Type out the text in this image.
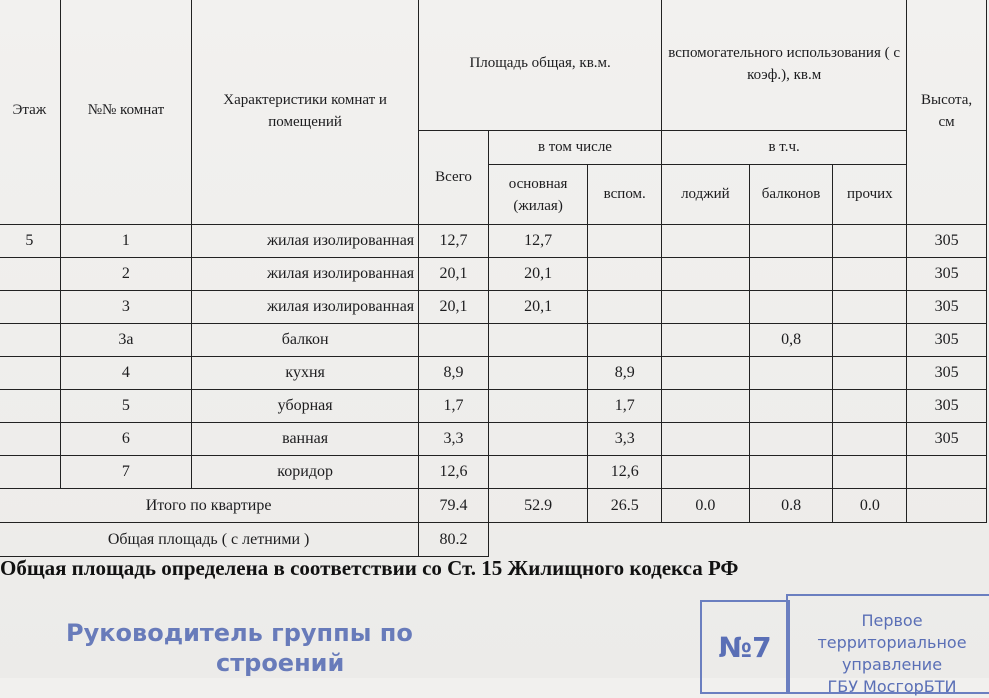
Этаж	№№ комнат	Характеристики комнат и помещений	Площадь общая, кв.м.			вспомогательного использования ( с коэф.), кв.м			Высота, см
			Всего	в том числе		в т.ч.			
				основная (жилая)	вспом.	лоджий	балконов	прочих	
5	1	жилая изолированная	12,7	12,7					305
	2	жилая изолированная	20,1	20,1					305
	3	жилая изолированная	20,1	20,1					305
	3а	балкон					0,8		305
	4	кухня	8,9		8,9				305
	5	уборная	1,7		1,7				305
	6	ванная	3,3		3,3				305
	7	коридор	12,6		12,6				
Итого по квартире			79.4	52.9	26.5	0.0	0.8	0.0	
Общая площадь ( с летними )			80.2						
Общая площадь определена в соответствии со Ст. 15 Жилищного кодекса РФ
Руководитель группы по
строений	№7
Первое территориальное
управление
ГБУ МосгорБТИ
